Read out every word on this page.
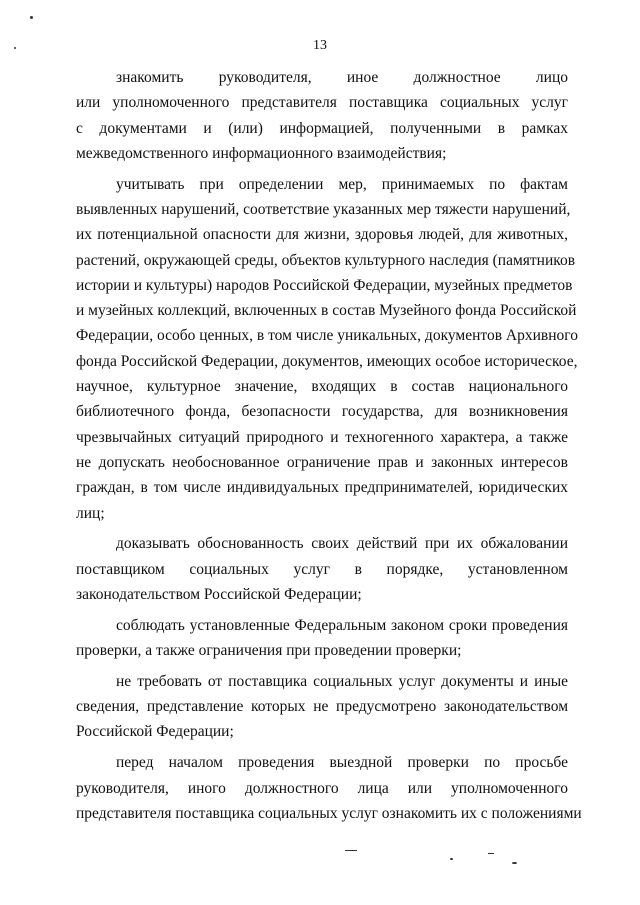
13

знакомить руководителя, иное должностное лицо
или уполномоченного представителя поставщика социальных услуг
с документами и (или) информацией, полученными в рамках
межведомственного информационного взаимодействия;

учитывать при определении мер, принимаемых по фактам
выявленных нарушений, соответствие указанных мер тяжести нарушений,
их потенциальной опасности для жизни, здоровья людей, для животных,
растений, окружающей среды, объектов культурного наследия (памятников
истории и культуры) народов Российской Федерации, музейных предметов
и музейных коллекций, включенных в состав Музейного фонда Российской
Федерации, особо ценных, в том числе уникальных, документов Архивного
фонда Российской Федерации, документов, имеющих особое историческое,
научное, культурное значение, входящих в состав национального
библиотечного фонда, безопасности государства, для возникновения
чрезвычайных ситуаций природного и техногенного характера, а также
не допускать необоснованное ограничение прав и законных интересов
граждан, в том числе индивидуальных предпринимателей, юридических
лиц;

доказывать обоснованность своих действий при их обжаловании
поставщиком социальных услуг в порядке, установленном
законодательством Российской Федерации;

соблюдать установленные Федеральным законом сроки проведения
проверки, а также ограничения при проведении проверки;

не требовать от поставщика социальных услуг документы и иные
сведения, представление которых не предусмотрено законодательством
Российской Федерации;

перед началом проведения выездной проверки по просьбе
руководителя, иного должностного лица или уполномоченного
представителя поставщика социальных услуг ознакомить их с положениями
